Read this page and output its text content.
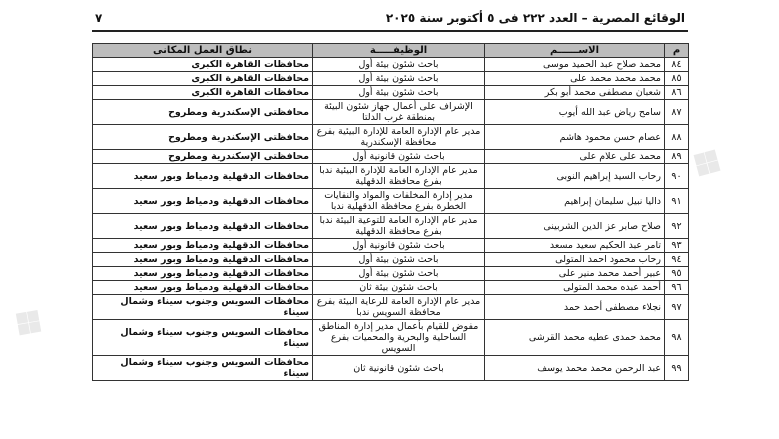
الوقائع المصرية – العدد ٢٢٢ فى ٥ أكتوبر سنة ٢٠٢٥
٧
م	الاســــــم	الوظيفـــــة	نطاق العمل المكانى
٨٤	محمد صلاح عبد الحميد موسى	باحث شئون بيئة أول	محافظات القاهرة الكبرى
٨٥	محمد محمد محمد على	باحث شئون بيئة أول	محافظات القاهرة الكبرى
٨٦	شعبان مصطفى محمد أبو بكر	باحث شئون بيئة أول	محافظات القاهرة الكبرى
٨٧	سامح رياض عبد الله أيوب	الإشراف على أعمال جهاز شئون البيئة بمنطقة غرب الدلتا	محافظتى الإسكندرية ومطروح
٨٨	عصام حسن محمود هاشم	مدير عام الإدارة العامة للإدارة البيئية بفرع محافظة الإسكندرية	محافظتى الإسكندرية ومطروح
٨٩	محمد على علام على	باحث شئون قانونية أول	محافظتى الإسكندرية ومطروح
٩٠	رحاب السيد إبراهيم النوبى	مدير عام الإدارة العامة للإدارة البيئية ندبا بفرع محافظة الدقهلية	محافظات الدقهلية ودمياط وبور سعيد
٩١	داليا نبيل سليمان إبراهيم	مدير إدارة المخلفات والمواد والنفايات الخطرة بفرع محافظة الدقهلية ندبا	محافظات الدقهلية ودمياط وبور سعيد
٩٢	صلاح صابر عز الدين الشربينى	مدير عام الإدارة العامة للتوعية البيئة ندبا بفرع محافظة الدقهلية	محافظات الدقهلية ودمياط وبور سعيد
٩٣	تامر عبد الحكيم سعيد مسعد	باحث شئون قانونية أول	محافظات الدقهلية ودمياط وبور سعيد
٩٤	رحاب محمود احمد المتولى	باحث شئون بيئة أول	محافظات الدقهلية ودمياط وبور سعيد
٩٥	عبير أحمد محمد منير على	باحث شئون بيئة أول	محافظات الدقهلية ودمياط وبور سعيد
٩٦	أحمد عبده محمد المتولى	باحث شئون بيئة ثان	محافظات الدقهلية ودمياط وبور سعيد
٩٧	نجلاء مصطفى أحمد حمد	مدير عام الإدارة العامة للرعاية البيئة بفرع محافظة السويس ندبا	محافظات السويس وجنوب سيناء وشمال سيناء
٩٨	محمد حمدى عطيه محمد القرشى	مفوض للقيام بأعمال مدير إدارة المناطق الساحلية والبحرية والمحميات بفرع السويس	محافظات السويس وجنوب سيناء وشمال سيناء
٩٩	عبد الرحمن محمد محمد يوسف	باحث شئون قانونية ثان	محافظات السويس وجنوب سيناء وشمال سيناء
❖
❖
